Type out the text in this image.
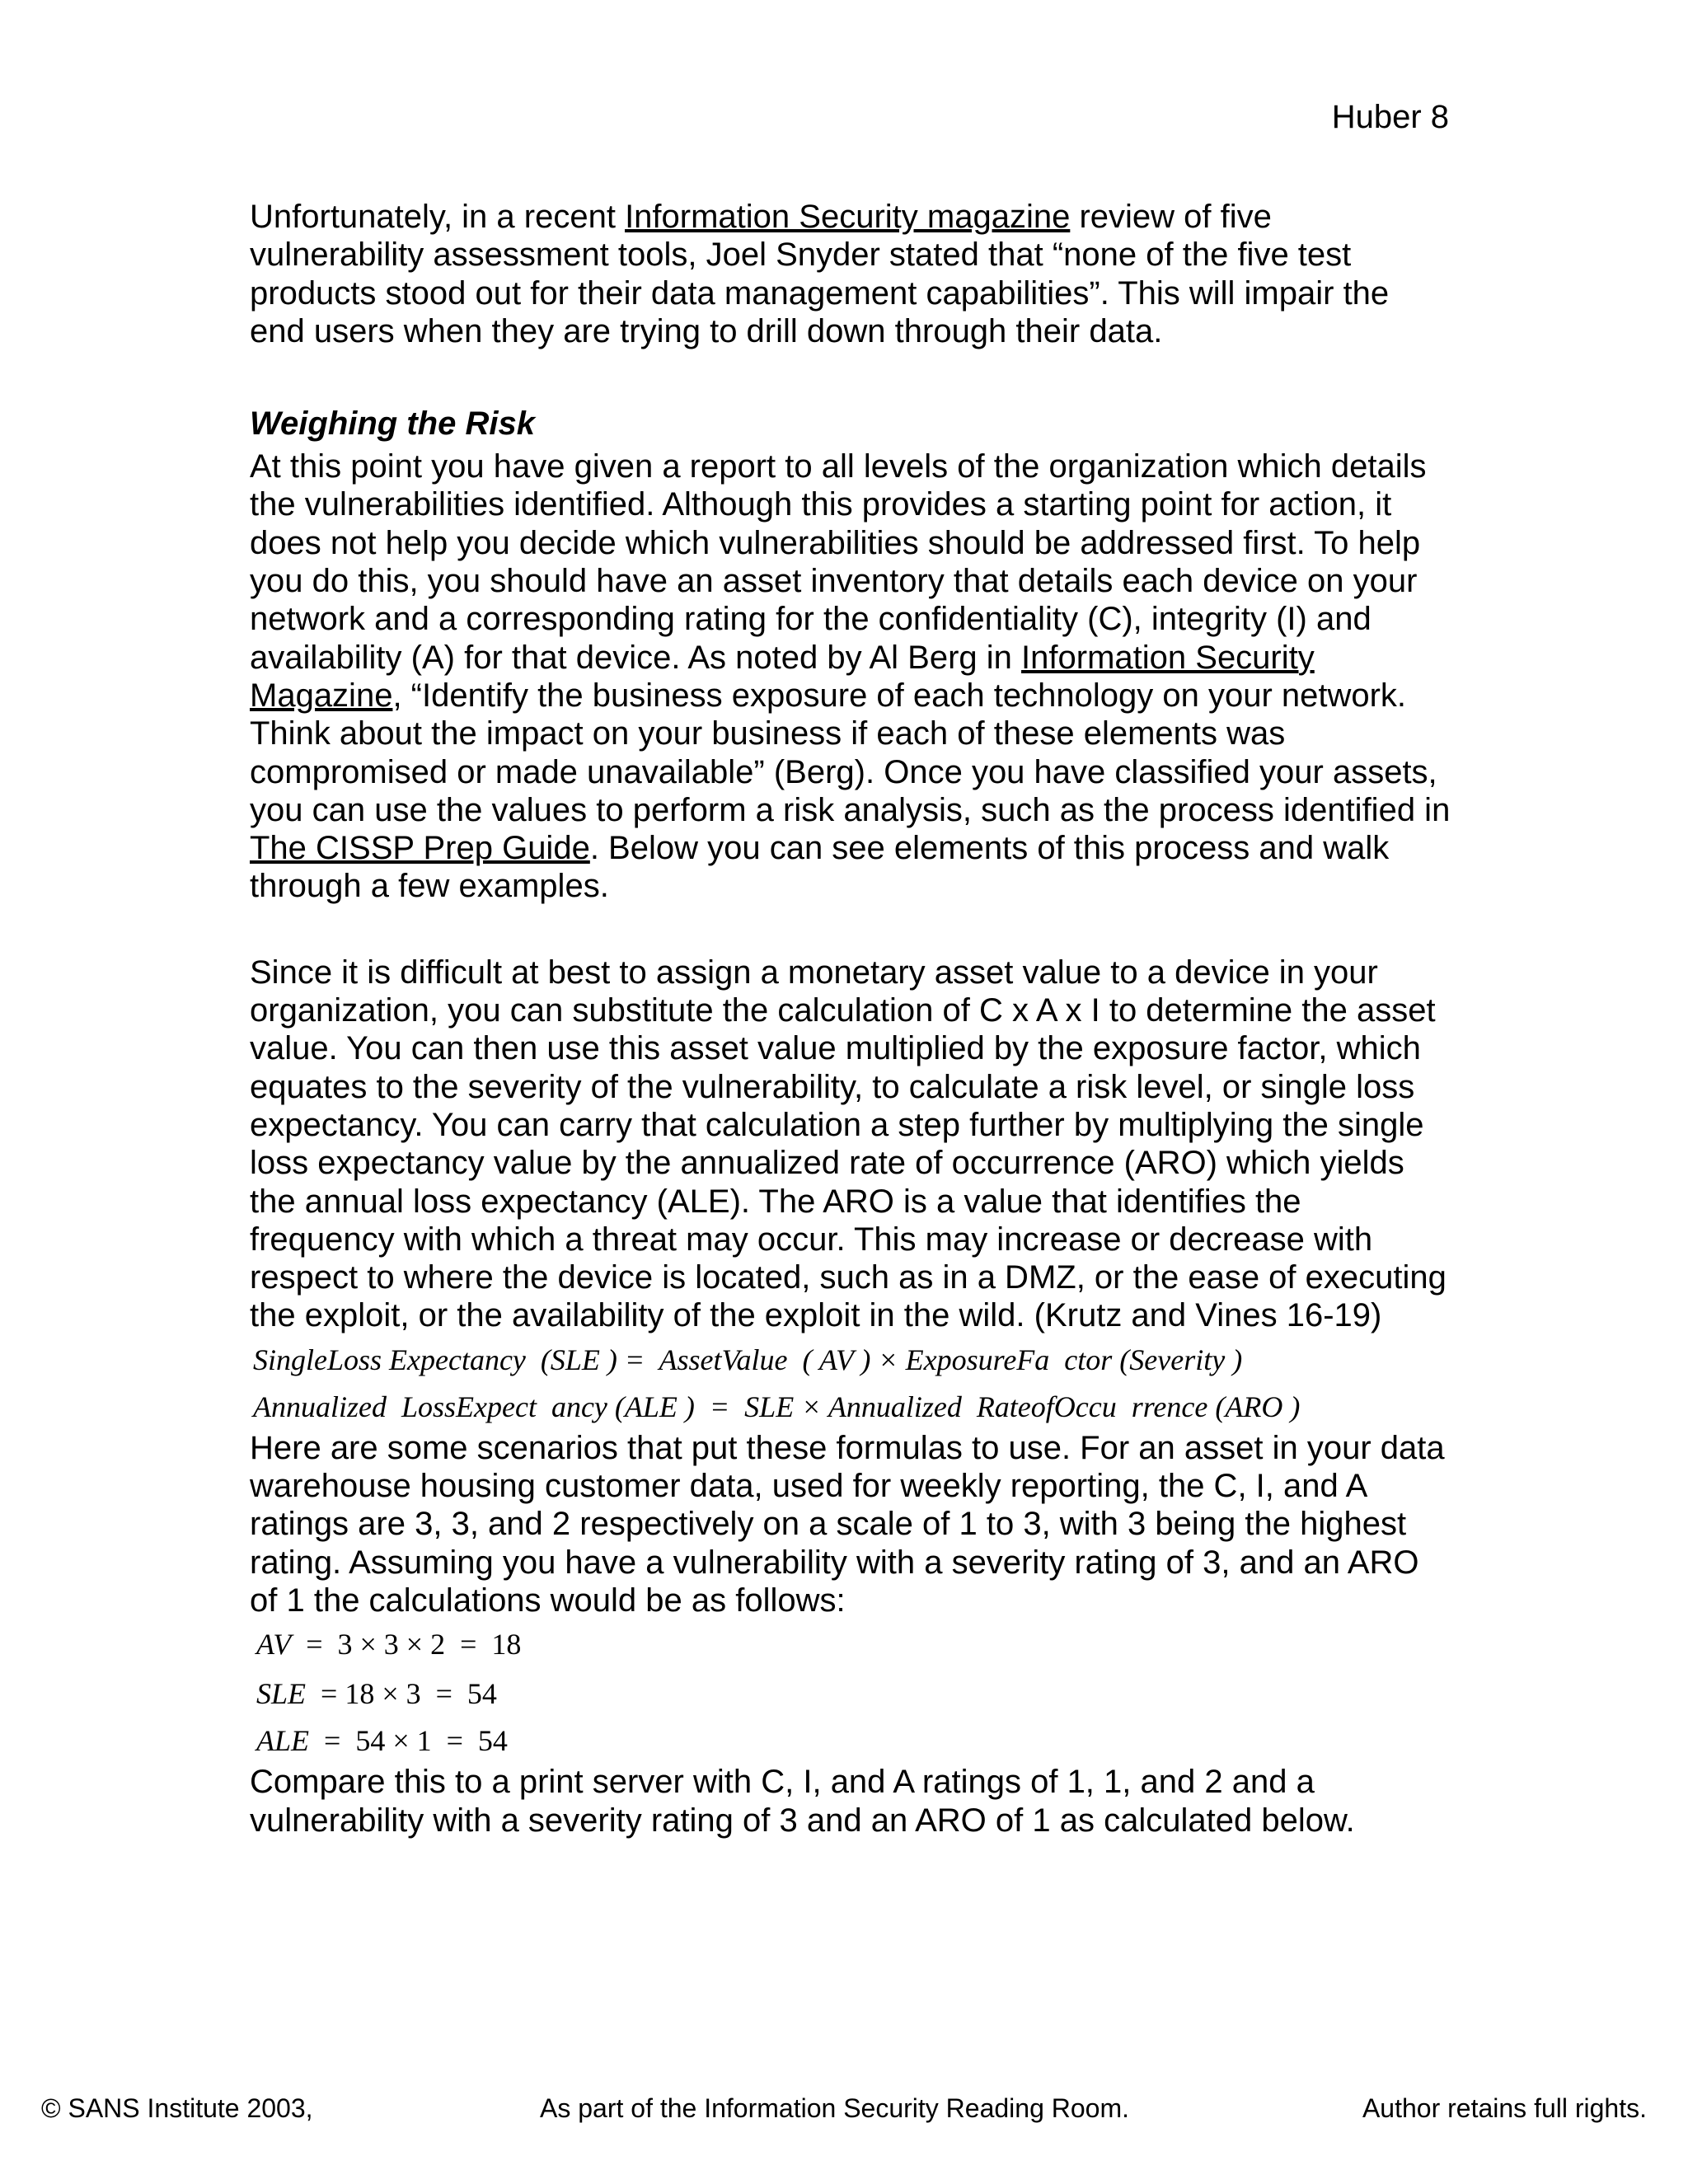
Huber 8

Unfortunately, in a recent Information Security magazine review of five vulnerability assessment tools, Joel Snyder stated that “none of the five test products stood out for their data management capabilities”. This will impair the end users when they are trying to drill down through their data.

Weighing the Risk

At this point you have given a report to all levels of the organization which details the vulnerabilities identified. Although this provides a starting point for action, it does not help you decide which vulnerabilities should be addressed first. To help you do this, you should have an asset inventory that details each device on your network and a corresponding rating for the confidentiality (C), integrity (I) and availability (A) for that device. As noted by Al Berg in Information Security Magazine, “Identify the business exposure of each technology on your network. Think about the impact on your business if each of these elements was compromised or made unavailable” (Berg). Once you have classified your assets, you can use the values to perform a risk analysis, such as the process identified in The CISSP Prep Guide. Below you can see elements of this process and walk through a few examples.

Since it is difficult at best to assign a monetary asset value to a device in your organization, you can substitute the calculation of C x A x I to determine the asset value. You can then use this asset value multiplied by the exposure factor, which equates to the severity of the vulnerability, to calculate a risk level, or single loss expectancy. You can carry that calculation a step further by multiplying the single loss expectancy value by the annualized rate of occurrence (ARO) which yields the annual loss expectancy (ALE). The ARO is a value that identifies the frequency with which a threat may occur. This may increase or decrease with respect to where the device is located, such as in a DMZ, or the ease of executing the exploit, or the availability of the exploit in the wild. (Krutz and Vines 16-19)

SingleLoss Expectancy  (SLE ) =  AssetValue  ( AV ) × ExposureFa  ctor (Severity )
Annualized  LossExpect  ancy (ALE )  =  SLE × Annualized  RateofOccu  rrence (ARO )

Here are some scenarios that put these formulas to use. For an asset in your data warehouse housing customer data, used for weekly reporting, the C, I, and A ratings are 3, 3, and 2 respectively on a scale of 1 to 3, with 3 being the highest rating. Assuming you have a vulnerability with a severity rating of 3, and an ARO of 1 the calculations would be as follows:

AV  =  3 × 3 × 2  =  18
SLE  = 18 × 3  =  54
ALE  =  54 × 1  =  54

Compare this to a print server with C, I, and A ratings of 1, 1, and 2 and a vulnerability with a severity rating of 3 and an ARO of 1 as calculated below.

© SANS Institute 2003,	As part of the Information Security Reading Room.	Author retains full rights.
